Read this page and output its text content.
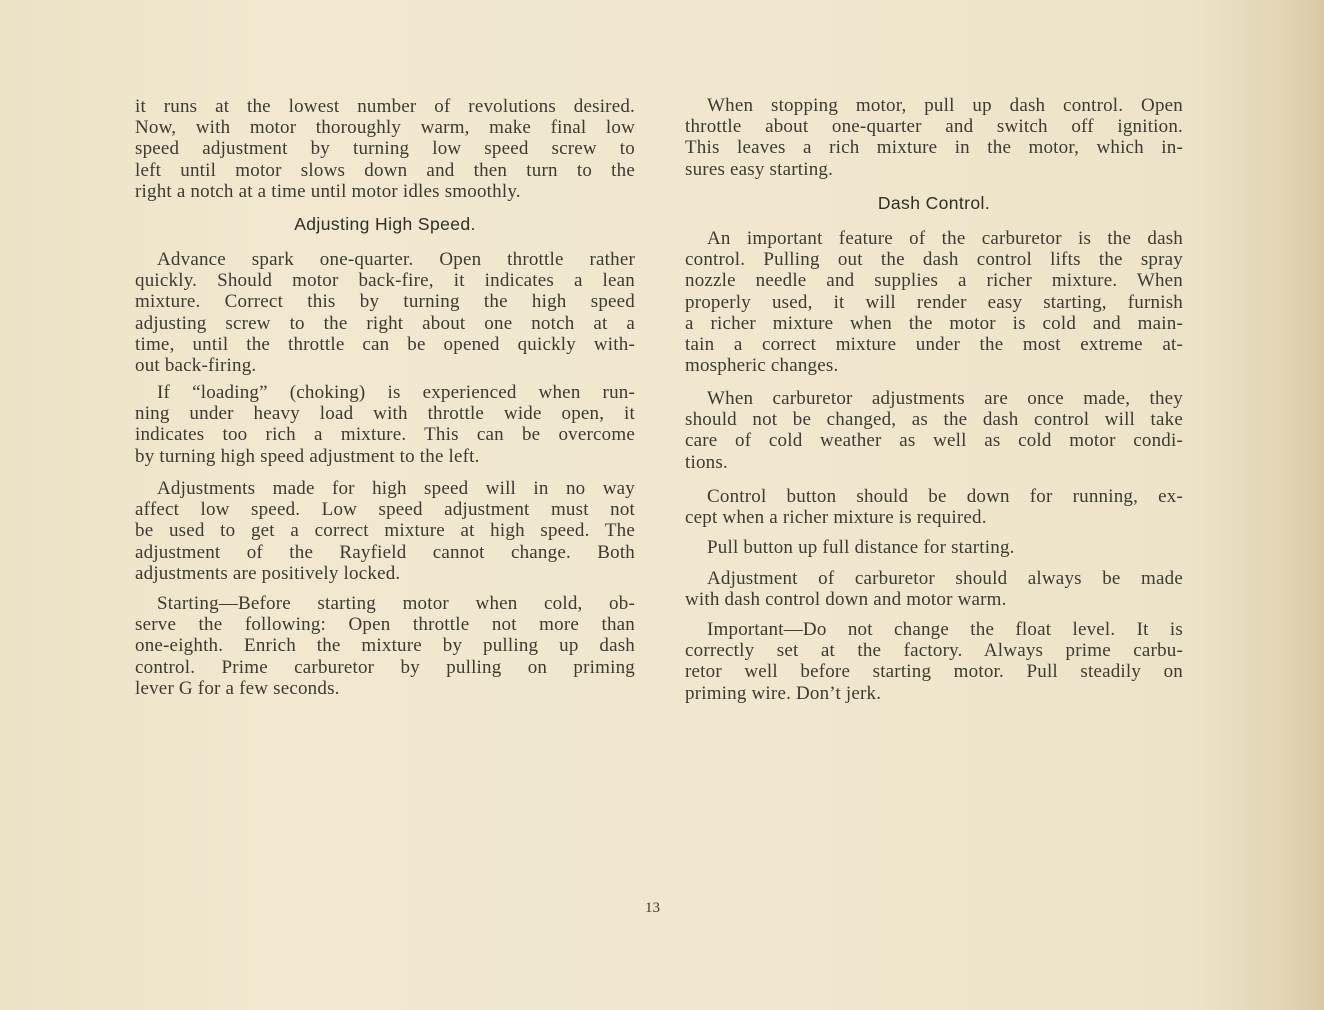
it runs at the lowest number of revolutions desired.
Now, with motor thoroughly warm, make final low
speed adjustment by turning low speed screw to
left until motor slows down and then turn to the
right a notch at a time until motor idles smoothly.
Adjusting High Speed.
Advance spark one-quarter. Open throttle rather
quickly. Should motor back-fire, it indicates a lean
mixture. Correct this by turning the high speed
adjusting screw to the right about one notch at a
time, until the throttle can be opened quickly with-
out back-firing.
If “loading” (choking) is experienced when run-
ning under heavy load with throttle wide open, it
indicates too rich a mixture. This can be overcome
by turning high speed adjustment to the left.
Adjustments made for high speed will in no way
affect low speed. Low speed adjustment must not
be used to get a correct mixture at high speed. The
adjustment of the Rayfield cannot change. Both
adjustments are positively locked.
Starting—Before starting motor when cold, ob-
serve the following: Open throttle not more than
one-eighth. Enrich the mixture by pulling up dash
control. Prime carburetor by pulling on priming
lever G for a few seconds.
When stopping motor, pull up dash control. Open
throttle about one-quarter and switch off ignition.
This leaves a rich mixture in the motor, which in-
sures easy starting.
Dash Control.
An important feature of the carburetor is the dash
control. Pulling out the dash control lifts the spray
nozzle needle and supplies a richer mixture. When
properly used, it will render easy starting, furnish
a richer mixture when the motor is cold and main-
tain a correct mixture under the most extreme at-
mospheric changes.
When carburetor adjustments are once made, they
should not be changed, as the dash control will take
care of cold weather as well as cold motor condi-
tions.
Control button should be down for running, ex-
cept when a richer mixture is required.
Pull button up full distance for starting.
Adjustment of carburetor should always be made
with dash control down and motor warm.
Important—Do not change the float level. It is
correctly set at the factory. Always prime carbu-
retor well before starting motor. Pull steadily on
priming wire. Don’t jerk.
13
